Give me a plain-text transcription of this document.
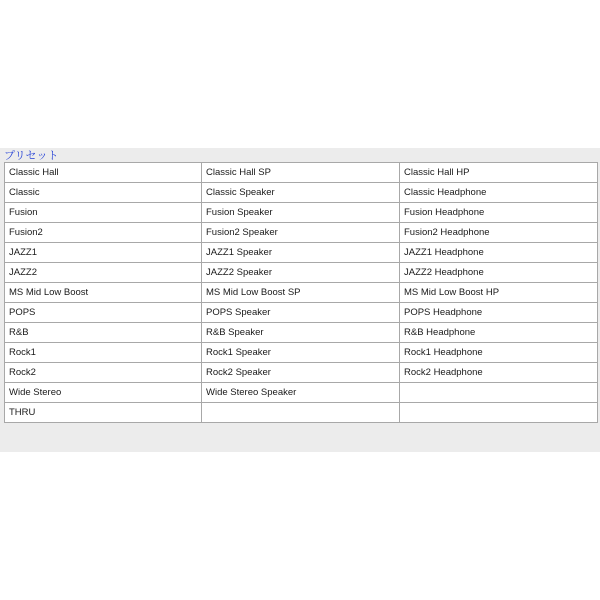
プリセット
Classic Hall	Classic Hall SP	Classic Hall HP
Classic	Classic Speaker	Classic Headphone
Fusion	Fusion Speaker	Fusion Headphone
Fusion2	Fusion2 Speaker	Fusion2 Headphone
JAZZ1	JAZZ1 Speaker	JAZZ1 Headphone
JAZZ2	JAZZ2 Speaker	JAZZ2 Headphone
MS Mid Low Boost	MS Mid Low Boost SP	MS Mid Low Boost HP
POPS	POPS Speaker	POPS Headphone
R&B	R&B Speaker	R&B Headphone
Rock1	Rock1 Speaker	Rock1 Headphone
Rock2	Rock2 Speaker	Rock2 Headphone
Wide Stereo	Wide Stereo Speaker	
THRU		
